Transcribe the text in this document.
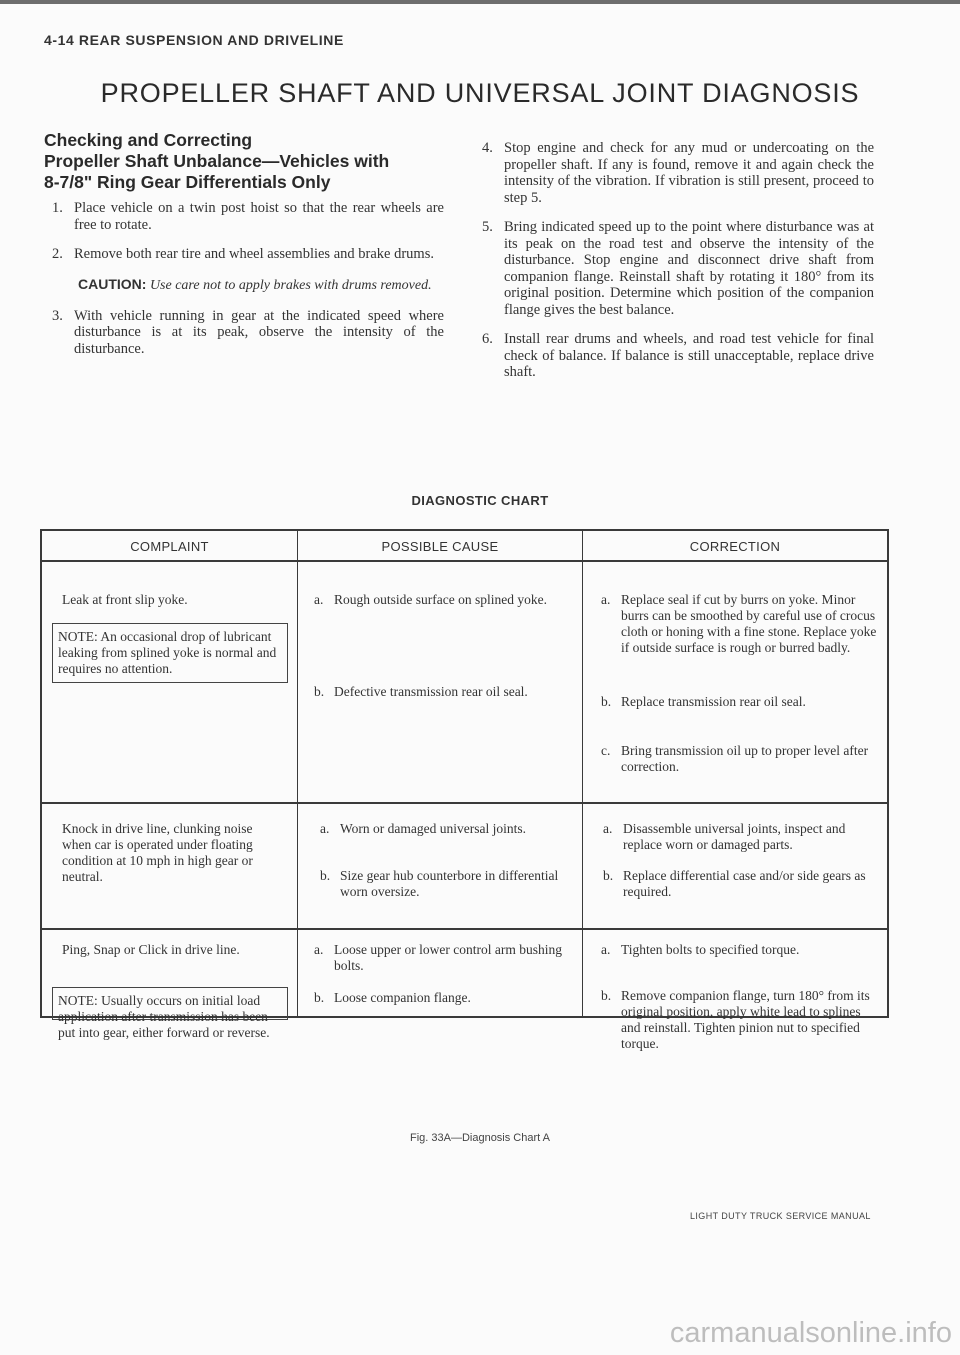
4-14 REAR SUSPENSION AND DRIVELINE
PROPELLER SHAFT AND UNIVERSAL JOINT DIAGNOSIS
Checking and Correcting
Propeller Shaft Unbalance—Vehicles with
8-7/8" Ring Gear Differentials Only
1. Place vehicle on a twin post hoist so that the rear wheels are free to rotate.
2. Remove both rear tire and wheel assemblies and brake drums.
CAUTION: Use care not to apply brakes with drums removed.
3. With vehicle running in gear at the indicated speed where disturbance is at its peak, observe the intensity of the disturbance.
4. Stop engine and check for any mud or undercoating on the propeller shaft. If any is found, remove it and again check the intensity of the vibration. If vibration is still present, proceed to step 5.
5. Bring indicated speed up to the point where disturbance was at its peak on the road test and observe the intensity of the disturbance. Stop engine and disconnect drive shaft from companion flange. Reinstall shaft by rotating it 180° from its original position. Determine which position of the companion flange gives the best balance.
6. Install rear drums and wheels, and road test vehicle for final check of balance. If balance is still unacceptable, replace drive shaft.
DIAGNOSTIC CHART
COMPLAINT	POSSIBLE CAUSE	CORRECTION
Leak at front slip yoke.
NOTE: An occasional drop of lubricant leaking from splined yoke is normal and requires no attention.
a. Rough outside surface on splined yoke.
b. Defective transmission rear oil seal.
a. Replace seal if cut by burrs on yoke. Minor burrs can be smoothed by careful use of crocus cloth or honing with a fine stone. Replace yoke if outside surface is rough or burred badly.
b. Replace transmission rear oil seal.
c. Bring transmission oil up to proper level after correction.
Knock in drive line, clunking noise when car is operated under floating condition at 10 mph in high gear or neutral.
a. Worn or damaged universal joints.
b. Size gear hub counterbore in differential worn oversize.
a. Disassemble universal joints, inspect and replace worn or damaged parts.
b. Replace differential case and/or side gears as required.
Ping, Snap or Click in drive line.
NOTE: Usually occurs on initial load application after transmission has been put into gear, either forward or reverse.
a. Loose upper or lower control arm bushing bolts.
b. Loose companion flange.
a. Tighten bolts to specified torque.
b. Remove companion flange, turn 180° from its original position, apply white lead to splines and reinstall. Tighten pinion nut to specified torque.
Fig. 33A—Diagnosis Chart A
LIGHT DUTY TRUCK SERVICE MANUAL
carmanualsonline.info
